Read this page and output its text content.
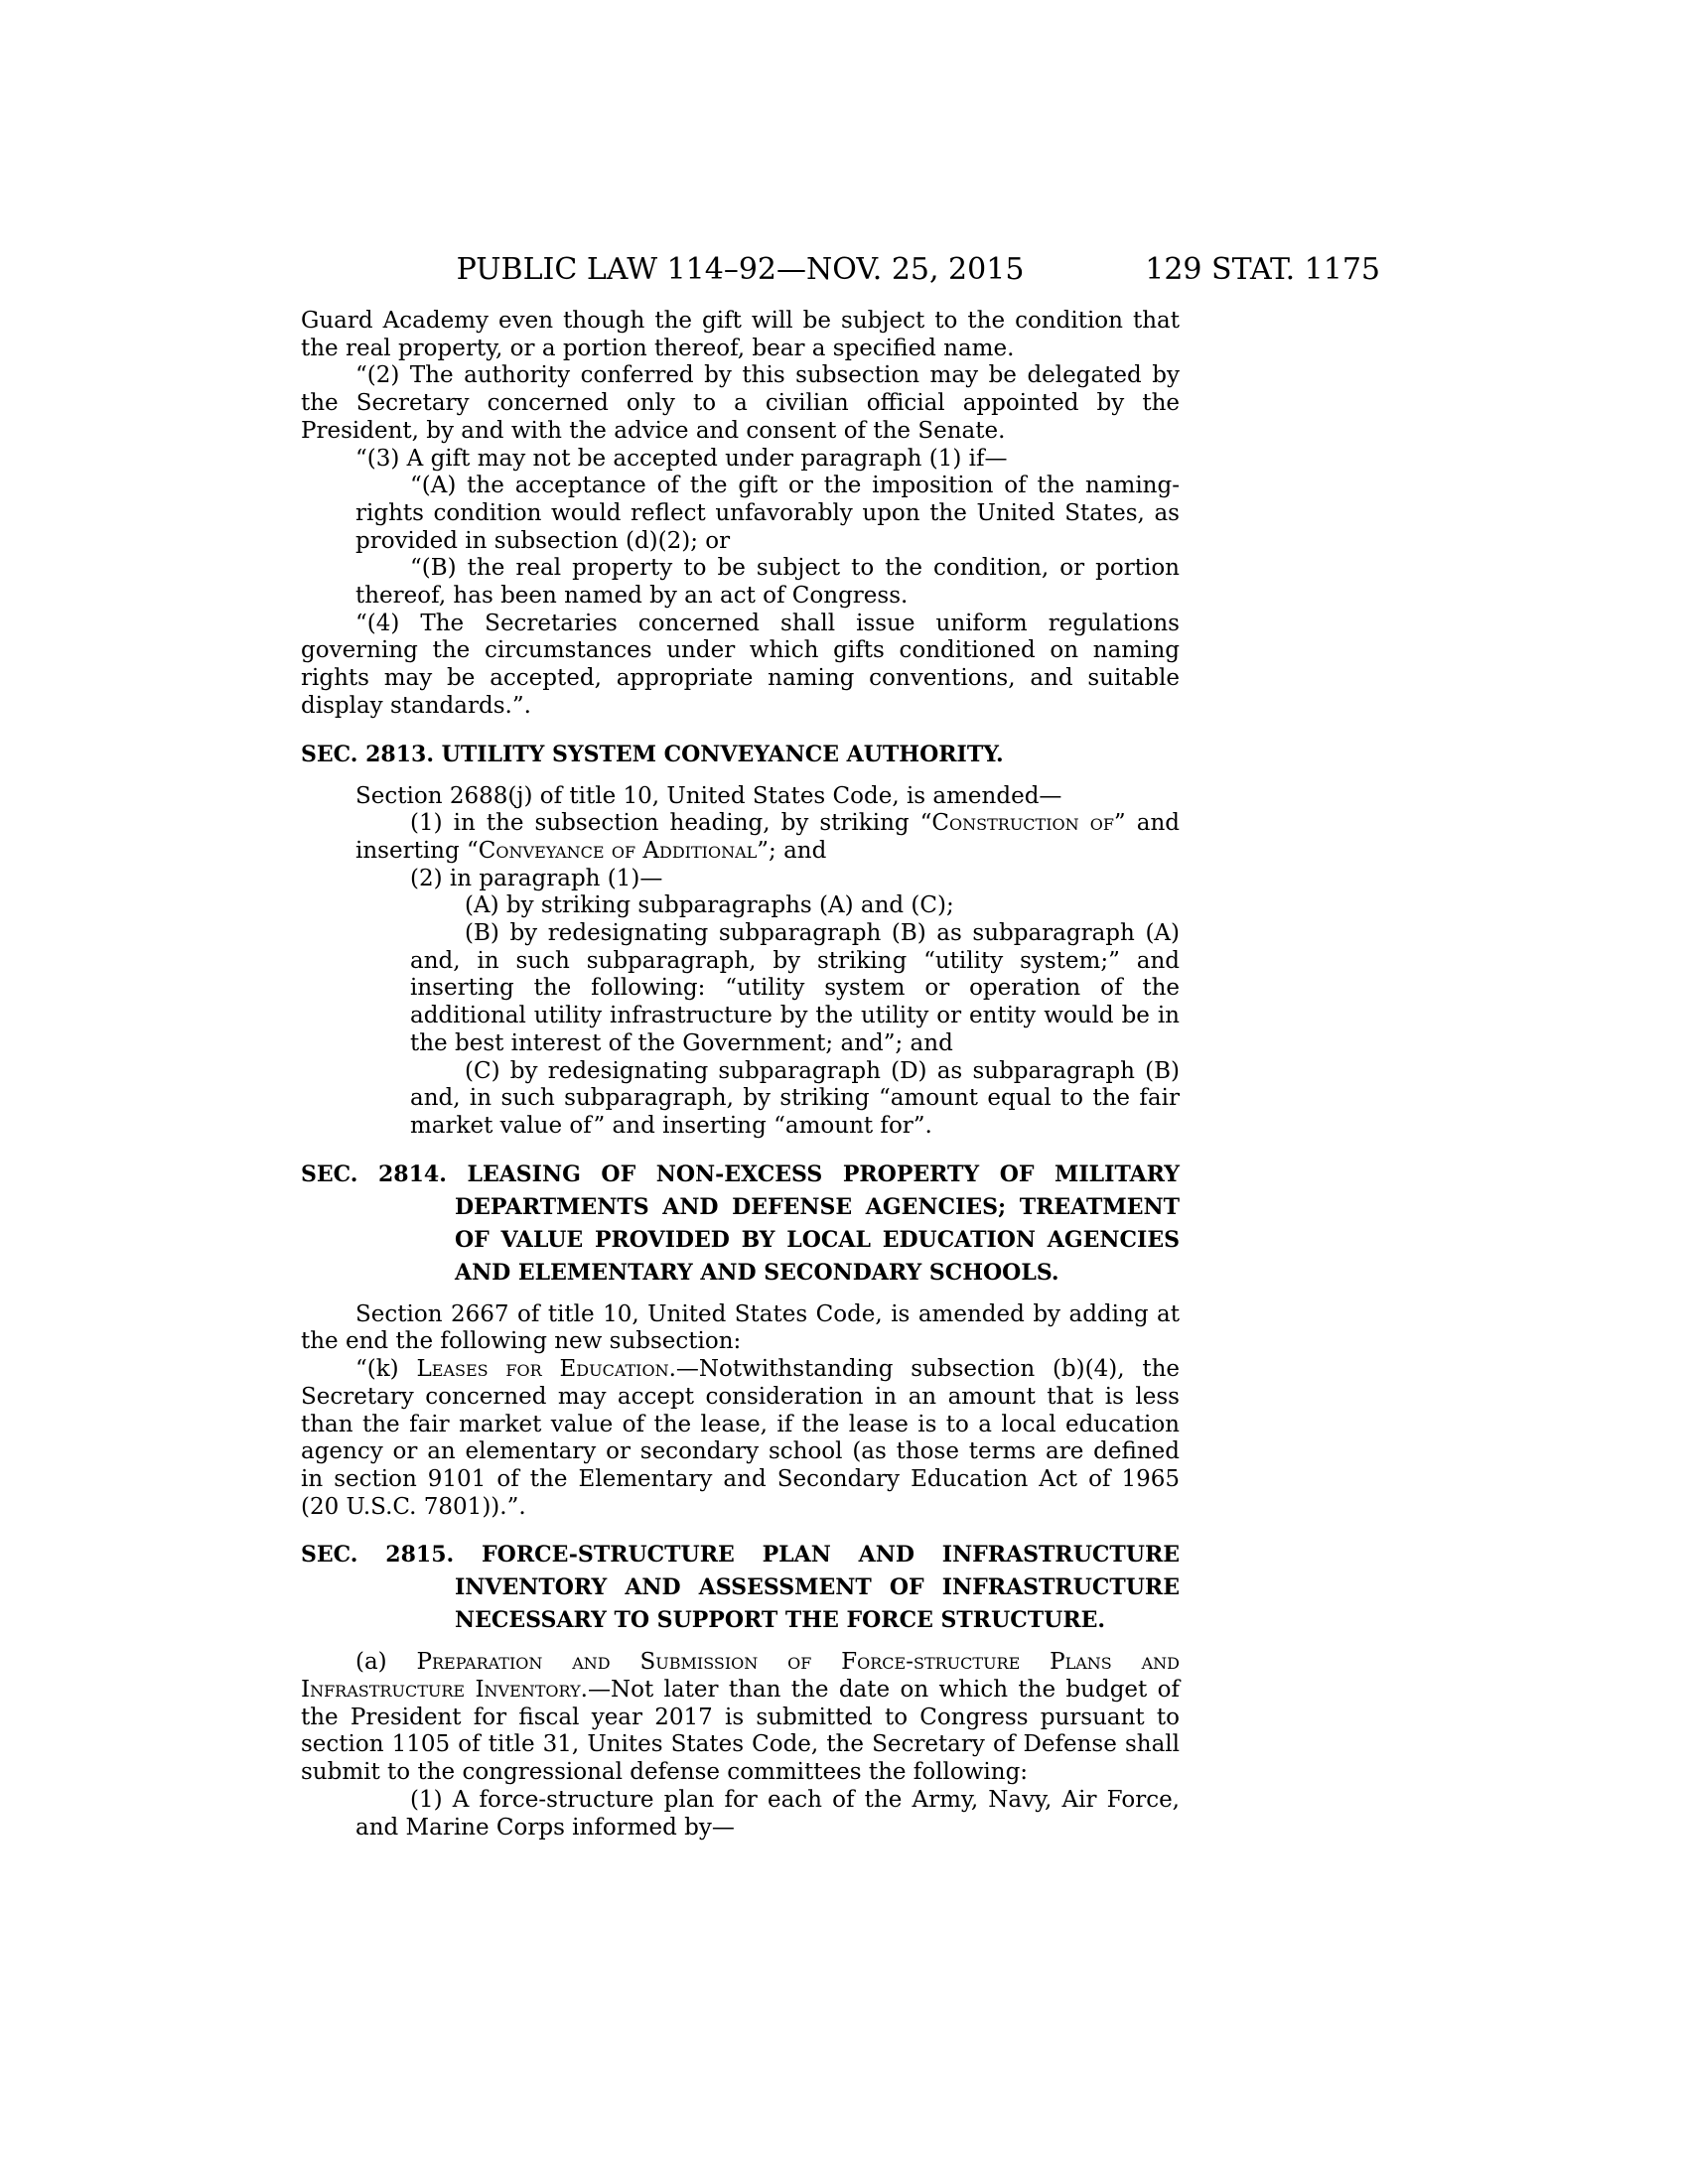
PUBLIC LAW 114–92—NOV. 25, 2015	129 STAT. 1175
Guard Academy even though the gift will be subject to the condition that the real property, or a portion thereof, bear a specified name.
“(2) The authority conferred by this subsection may be delegated by the Secretary concerned only to a civilian official appointed by the President, by and with the advice and consent of the Senate.
“(3) A gift may not be accepted under paragraph (1) if—
“(A) the acceptance of the gift or the imposition of the naming-rights condition would reflect unfavorably upon the United States, as provided in subsection (d)(2); or
“(B) the real property to be subject to the condition, or portion thereof, has been named by an act of Congress.
“(4) The Secretaries concerned shall issue uniform regulations governing the circumstances under which gifts conditioned on naming rights may be accepted, appropriate naming conventions, and suitable display standards.”.
SEC. 2813. UTILITY SYSTEM CONVEYANCE AUTHORITY.
Section 2688(j) of title 10, United States Code, is amended—
(1) in the subsection heading, by striking “Construction of” and inserting “Conveyance of Additional”; and
(2) in paragraph (1)—
(A) by striking subparagraphs (A) and (C);
(B) by redesignating subparagraph (B) as subparagraph (A) and, in such subparagraph, by striking “utility system;” and inserting the following: “utility system or operation of the additional utility infrastructure by the utility or entity would be in the best interest of the Government; and”; and
(C) by redesignating subparagraph (D) as subparagraph (B) and, in such subparagraph, by striking “amount equal to the fair market value of” and inserting “amount for”.
SEC. 2814. LEASING OF NON-EXCESS PROPERTY OF MILITARY DEPARTMENTS AND DEFENSE AGENCIES; TREATMENT OF VALUE PROVIDED BY LOCAL EDUCATION AGENCIES AND ELEMENTARY AND SECONDARY SCHOOLS.
Section 2667 of title 10, United States Code, is amended by adding at the end the following new subsection:
“(k) Leases for Education.—Notwithstanding subsection (b)(4), the Secretary concerned may accept consideration in an amount that is less than the fair market value of the lease, if the lease is to a local education agency or an elementary or secondary school (as those terms are defined in section 9101 of the Elementary and Secondary Education Act of 1965 (20 U.S.C. 7801)).”.
SEC. 2815. FORCE-STRUCTURE PLAN AND INFRASTRUCTURE INVENTORY AND ASSESSMENT OF INFRASTRUCTURE NECESSARY TO SUPPORT THE FORCE STRUCTURE.
(a) Preparation and Submission of Force-structure Plans and Infrastructure Inventory.—Not later than the date on which the budget of the President for fiscal year 2017 is submitted to Congress pursuant to section 1105 of title 31, Unites States Code, the Secretary of Defense shall submit to the congressional defense committees the following:
(1) A force-structure plan for each of the Army, Navy, Air Force, and Marine Corps informed by—
